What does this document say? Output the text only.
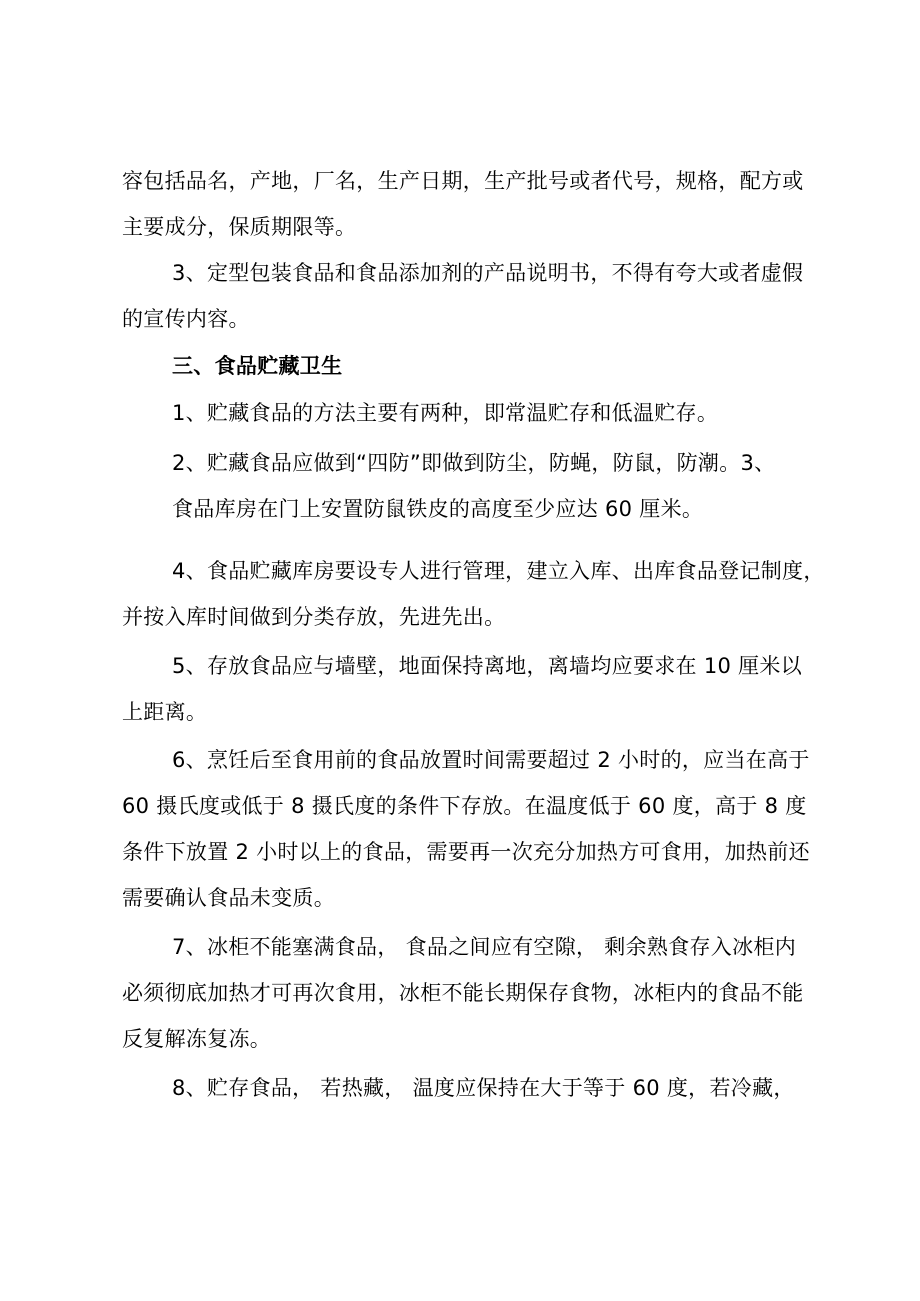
容包括品名，产地，厂名，生产日期，生产批号或者代号，规格，配方或
主要成分，保质期限等。
3、定型包装食品和食品添加剂的产品说明书，不得有夸大或者虚假
的宣传内容。
三、食品贮藏卫生
1、贮藏食品的方法主要有两种，即常温贮存和低温贮存。
2、贮藏食品应做到“四防”即做到防尘，防蝇，防鼠，防潮。3、
食品库房在门上安置防鼠铁皮的高度至少应达 60 厘米。
4、食品贮藏库房要设专人进行管理，建立入库、出库食品登记制度，
并按入库时间做到分类存放，先进先出。
5、存放食品应与墙壁，地面保持离地，离墙均应要求在 10 厘米以
上距离。
6、烹饪后至食用前的食品放置时间需要超过 2 小时的，应当在高于
60 摄氏度或低于 8 摄氏度的条件下存放。在温度低于 60 度，高于 8 度
条件下放置 2 小时以上的食品，需要再一次充分加热方可食用，加热前还
需要确认食品未变质。
7、冰柜不能塞满食品， 食品之间应有空隙， 剩余熟食存入冰柜内
必须彻底加热才可再次食用，冰柜不能长期保存食物，冰柜内的食品不能
反复解冻复冻。
8、贮存食品， 若热藏， 温度应保持在大于等于 60 度，若冷藏，
